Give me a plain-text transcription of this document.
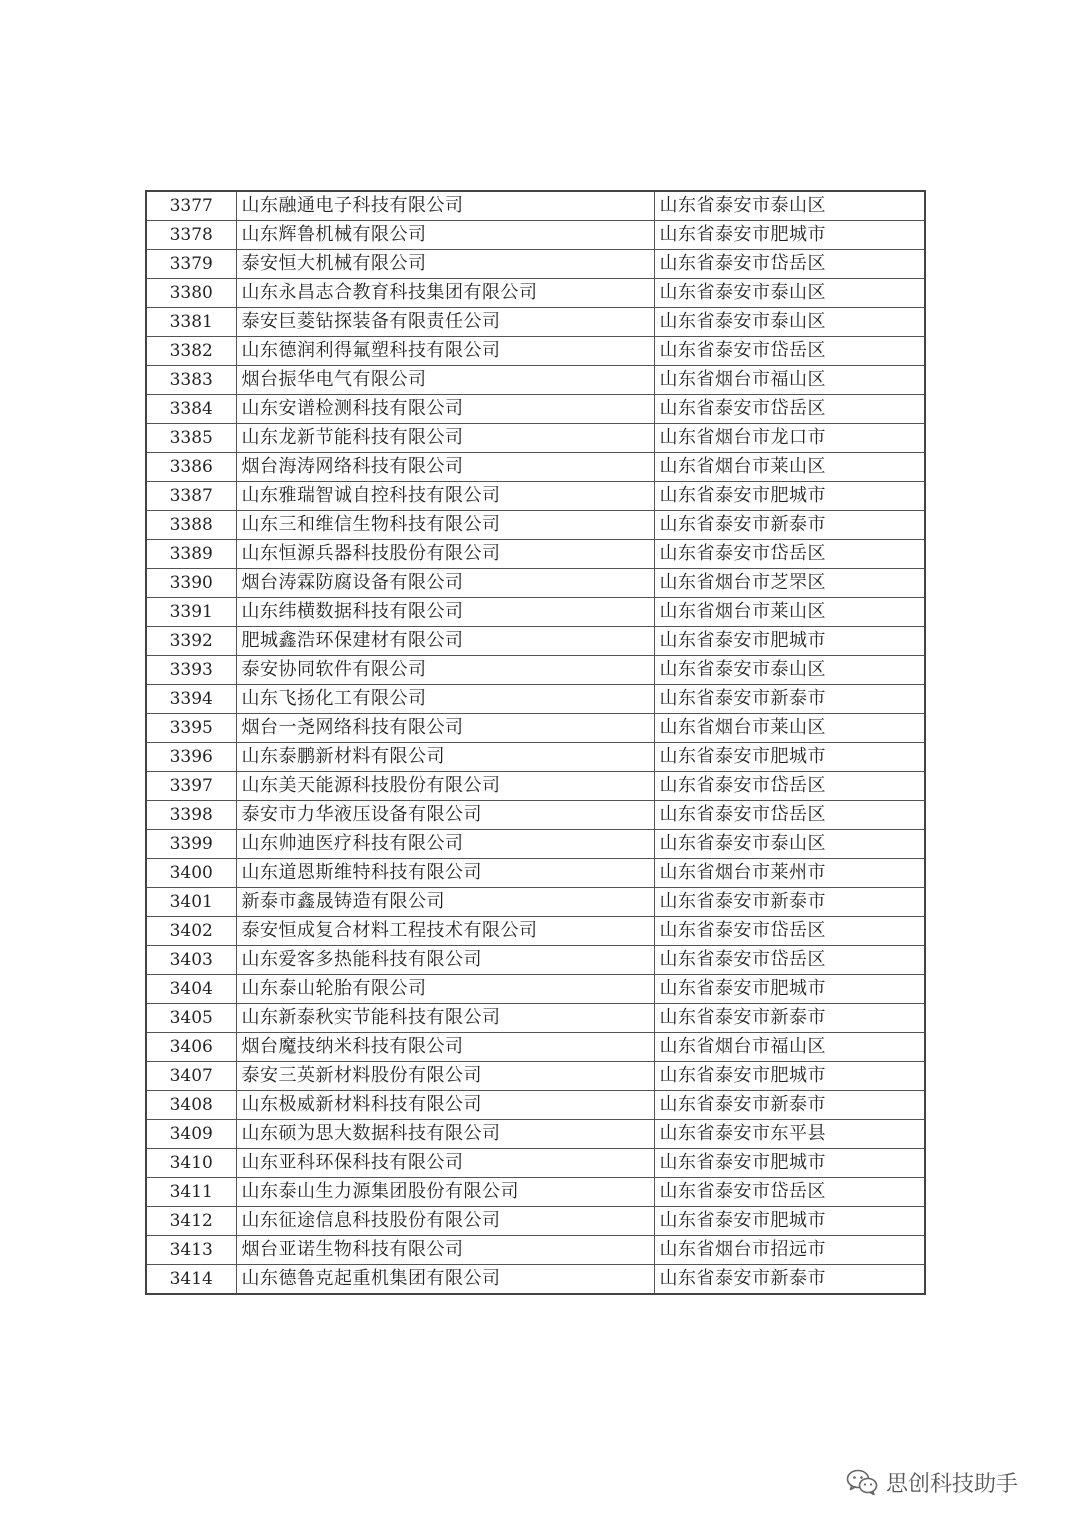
3377	山东融通电子科技有限公司	山东省泰安市泰山区
3378	山东辉鲁机械有限公司	山东省泰安市肥城市
3379	泰安恒大机械有限公司	山东省泰安市岱岳区
3380	山东永昌志合教育科技集团有限公司	山东省泰安市泰山区
3381	泰安巨菱钻探装备有限责任公司	山东省泰安市泰山区
3382	山东德润利得氟塑科技有限公司	山东省泰安市岱岳区
3383	烟台振华电气有限公司	山东省烟台市福山区
3384	山东安谱检测科技有限公司	山东省泰安市岱岳区
3385	山东龙新节能科技有限公司	山东省烟台市龙口市
3386	烟台海涛网络科技有限公司	山东省烟台市莱山区
3387	山东雅瑞智诚自控科技有限公司	山东省泰安市肥城市
3388	山东三和维信生物科技有限公司	山东省泰安市新泰市
3389	山东恒源兵器科技股份有限公司	山东省泰安市岱岳区
3390	烟台涛霖防腐设备有限公司	山东省烟台市芝罘区
3391	山东纬横数据科技有限公司	山东省烟台市莱山区
3392	肥城鑫浩环保建材有限公司	山东省泰安市肥城市
3393	泰安协同软件有限公司	山东省泰安市泰山区
3394	山东飞扬化工有限公司	山东省泰安市新泰市
3395	烟台一尧网络科技有限公司	山东省烟台市莱山区
3396	山东泰鹏新材料有限公司	山东省泰安市肥城市
3397	山东美天能源科技股份有限公司	山东省泰安市岱岳区
3398	泰安市力华液压设备有限公司	山东省泰安市岱岳区
3399	山东帅迪医疗科技有限公司	山东省泰安市泰山区
3400	山东道恩斯维特科技有限公司	山东省烟台市莱州市
3401	新泰市鑫晟铸造有限公司	山东省泰安市新泰市
3402	泰安恒成复合材料工程技术有限公司	山东省泰安市岱岳区
3403	山东爱客多热能科技有限公司	山东省泰安市岱岳区
3404	山东泰山轮胎有限公司	山东省泰安市肥城市
3405	山东新泰秋实节能科技有限公司	山东省泰安市新泰市
3406	烟台魔技纳米科技有限公司	山东省烟台市福山区
3407	泰安三英新材料股份有限公司	山东省泰安市肥城市
3408	山东极威新材料科技有限公司	山东省泰安市新泰市
3409	山东硕为思大数据科技有限公司	山东省泰安市东平县
3410	山东亚科环保科技有限公司	山东省泰安市肥城市
3411	山东泰山生力源集团股份有限公司	山东省泰安市岱岳区
3412	山东征途信息科技股份有限公司	山东省泰安市肥城市
3413	烟台亚诺生物科技有限公司	山东省烟台市招远市
3414	山东德鲁克起重机集团有限公司	山东省泰安市新泰市
思创科技助手
